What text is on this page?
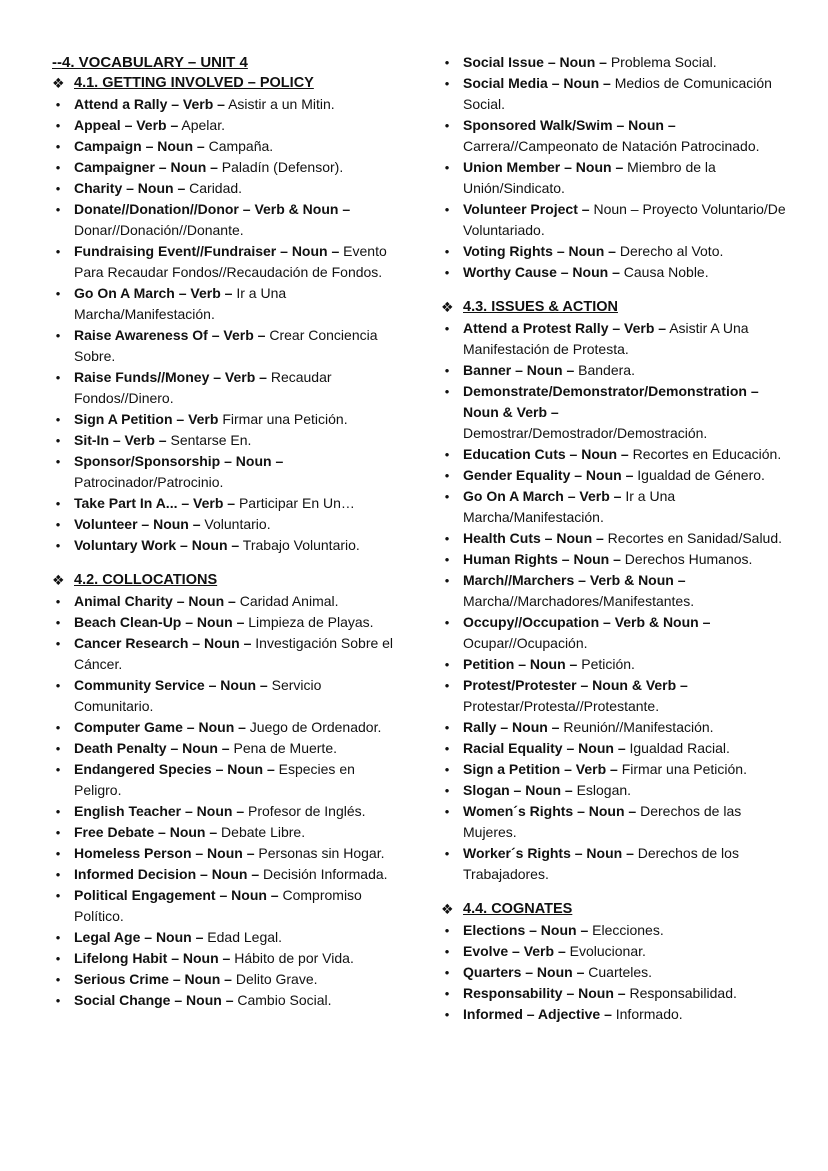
--4. VOCABULARY – UNIT 4
❖ 4.1. GETTING INVOLVED – POLICY
• Attend a Rally – Verb – Asistir a un Mitin.
• Appeal – Verb – Apelar.
• Campaign – Noun – Campaña.
• Campaigner – Noun – Paladín (Defensor).
• Charity – Noun – Caridad.
• Donate//Donation//Donor – Verb & Noun – Donar//Donación//Donante.
• Fundraising Event//Fundraiser – Noun – Evento Para Recaudar Fondos//Recaudación de Fondos.
• Go On A March – Verb – Ir a Una Marcha/Manifestación.
• Raise Awareness Of – Verb – Crear Conciencia Sobre.
• Raise Funds//Money – Verb – Recaudar Fondos//Dinero.
• Sign A Petition – Verb Firmar una Petición.
• Sit-In – Verb – Sentarse En.
• Sponsor/Sponsorship – Noun – Patrocinador/Patrocinio.
• Take Part In A... – Verb – Participar En Un…
• Volunteer – Noun – Voluntario.
• Voluntary Work – Noun – Trabajo Voluntario.
❖ 4.2. COLLOCATIONS
• Animal Charity – Noun – Caridad Animal.
• Beach Clean-Up – Noun – Limpieza de Playas.
• Cancer Research – Noun – Investigación Sobre el Cáncer.
• Community Service – Noun – Servicio Comunitario.
• Computer Game – Noun – Juego de Ordenador.
• Death Penalty – Noun – Pena de Muerte.
• Endangered Species – Noun – Especies en Peligro.
• English Teacher – Noun – Profesor de Inglés.
• Free Debate – Noun – Debate Libre.
• Homeless Person – Noun – Personas sin Hogar.
• Informed Decision – Noun – Decisión Informada.
• Political Engagement – Noun – Compromiso Político.
• Legal Age – Noun – Edad Legal.
• Lifelong Habit – Noun – Hábito de por Vida.
• Serious Crime – Noun – Delito Grave.
• Social Change – Noun – Cambio Social.
• Social Issue – Noun – Problema Social.
• Social Media – Noun – Medios de Comunicación Social.
• Sponsored Walk/Swim – Noun – Carrera//Campeonato de Natación Patrocinado.
• Union Member – Noun – Miembro de la Unión/Sindicato.
• Volunteer Project – Noun – Proyecto Voluntario/De Voluntariado.
• Voting Rights – Noun – Derecho al Voto.
• Worthy Cause – Noun – Causa Noble.
❖ 4.3. ISSUES & ACTION
• Attend a Protest Rally – Verb – Asistir A Una Manifestación de Protesta.
• Banner – Noun – Bandera.
• Demonstrate/Demonstrator/Demonstration – Noun & Verb – Demostrar/Demostrador/Demostración.
• Education Cuts – Noun – Recortes en Educación.
• Gender Equality – Noun – Igualdad de Género.
• Go On A March – Verb – Ir a Una Marcha/Manifestación.
• Health Cuts – Noun – Recortes en Sanidad/Salud.
• Human Rights – Noun – Derechos Humanos.
• March//Marchers – Verb & Noun – Marcha//Marchadores/Manifestantes.
• Occupy//Occupation – Verb & Noun – Ocupar//Ocupación.
• Petition – Noun – Petición.
• Protest/Protester – Noun & Verb – Protestar/Protesta//Protestante.
• Rally – Noun – Reunión//Manifestación.
• Racial Equality – Noun – Igualdad Racial.
• Sign a Petition – Verb – Firmar una Petición.
• Slogan – Noun – Eslogan.
• Women´s Rights – Noun – Derechos de las Mujeres.
• Worker´s Rights – Noun – Derechos de los Trabajadores.
❖ 4.4. COGNATES
• Elections – Noun – Elecciones.
• Evolve – Verb – Evolucionar.
• Quarters – Noun – Cuarteles.
• Responsability – Noun – Responsabilidad.
• Informed – Adjective – Informado.
